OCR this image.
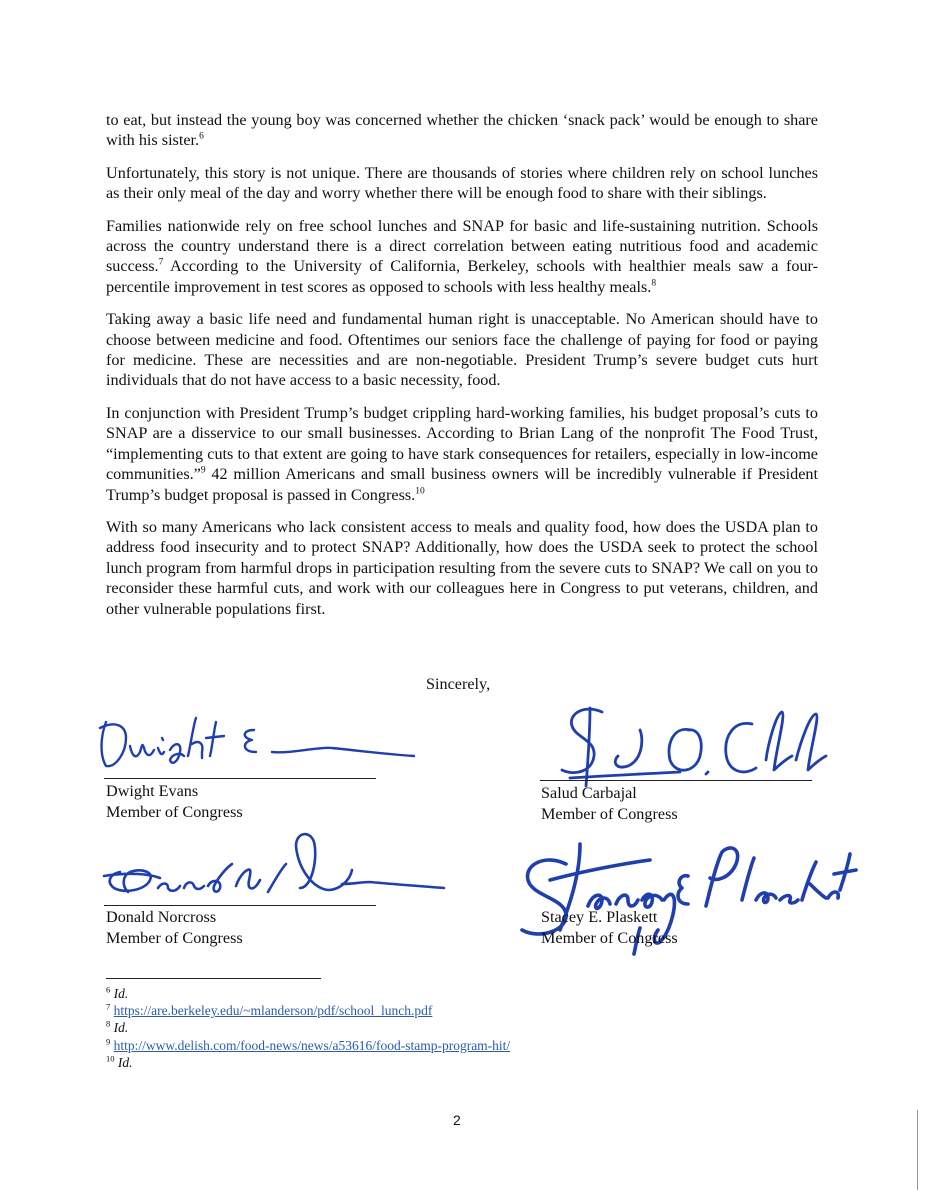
to eat, but instead the young boy was concerned whether the chicken ‘snack pack’ would be enough to share with his sister.$^6$

Unfortunately, this story is not unique. There are thousands of stories where children rely on school lunches as their only meal of the day and worry whether there will be enough food to share with their siblings.

Families nationwide rely on free school lunches and SNAP for basic and life-sustaining nutrition. Schools across the country understand there is a direct correlation between eating nutritious food and academic success.$^7$ According to the University of California, Berkeley, schools with healthier meals saw a four-percentile improvement in test scores as opposed to schools with less healthy meals.$^8$

Taking away a basic life need and fundamental human right is unacceptable. No American should have to choose between medicine and food. Oftentimes our seniors face the challenge of paying for food or paying for medicine. These are necessities and are non-negotiable. President Trump’s severe budget cuts hurt individuals that do not have access to a basic necessity, food.

In conjunction with President Trump’s budget crippling hard-working families, his budget proposal’s cuts to SNAP are a disservice to our small businesses. According to Brian Lang of the nonprofit The Food Trust, “implementing cuts to that extent are going to have stark consequences for retailers, especially in low-income communities.”$^9$ 42 million Americans and small business owners will be incredibly vulnerable if President Trump’s budget proposal is passed in Congress.$^{10}$

With so many Americans who lack consistent access to meals and quality food, how does the USDA plan to address food insecurity and to protect SNAP? Additionally, how does the USDA seek to protect the school lunch program from harmful drops in participation resulting from the severe cuts to SNAP? We call on you to reconsider these harmful cuts, and work with our colleagues here in Congress to put veterans, children, and other vulnerable populations first.

Sincerely,
Dwight Evans
Member of Congress
Salud Carbajal
Member of Congress
Donald Norcross
Member of Congress
Stacey E. Plaskett
Member of Congress
$^6$ Id.
$^7$ https://are.berkeley.edu/~mlanderson/pdf/school_lunch.pdf
$^8$ Id.
$^9$ http://www.delish.com/food-news/news/a53616/food-stamp-program-hit/
$^{10}$ Id.
2
